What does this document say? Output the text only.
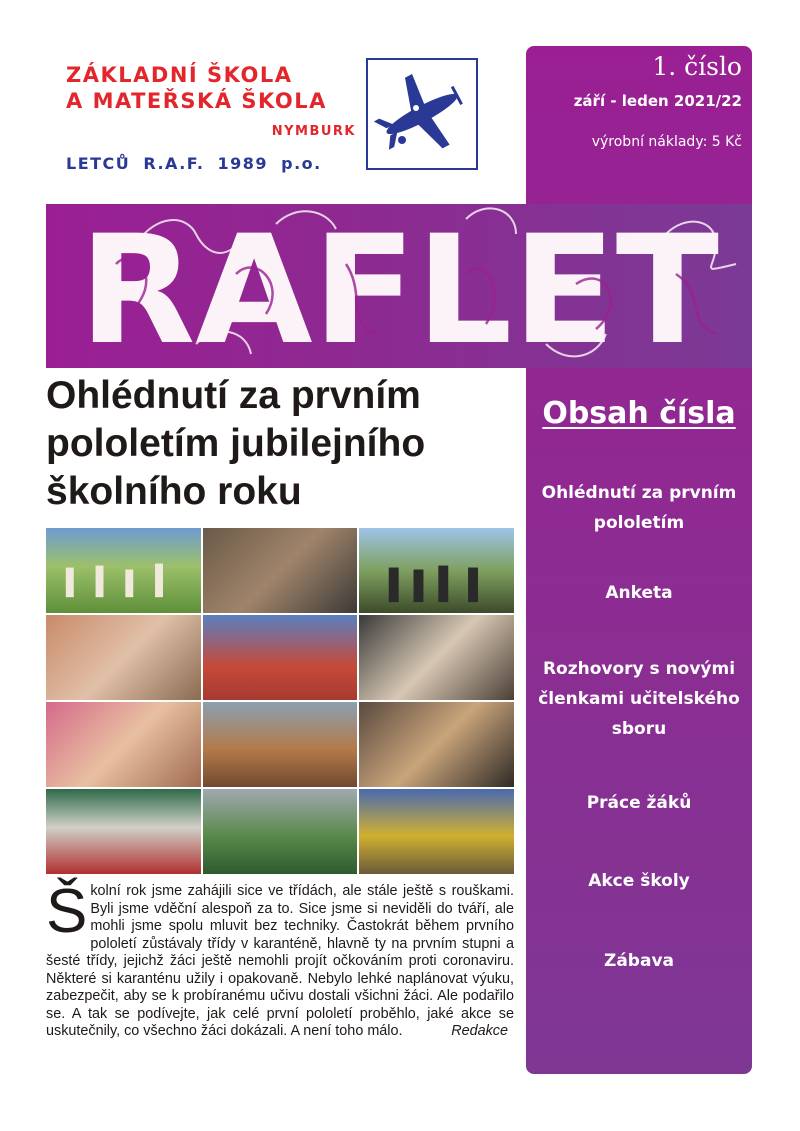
ZÁKLADNÍ ŠKOLA
A MATEŘSKÁ ŠKOLA
NYMBURK
LETCŮ R.A.F. 1989 p.o.
1. číslo
září - leden 2021/22
výrobní náklady: 5 Kč
RAFLET
Ohlédnutí za prvním pololetím jubilejního školního roku
Školní rok jsme zahájili sice ve třídách, ale stále ještě s rouškami. Byli jsme vděční alespoň za to. Sice jsme si neviděli do tváří, ale mohli jsme spolu mluvit bez techniky. Častokrát během prvního pololetí zůstávaly třídy v karanténě, hlavně ty na prvním stupni a šesté třídy, jejichž žáci ještě nemohli projít očkováním proti coronaviru. Některé si karanténu užily i opakovaně. Nebylo lehké naplánovat výuku, zabezpečit, aby se k probíranému učivu dostali všichni žáci. Ale podařilo se. A tak se podívejte, jak celé první pololetí proběhlo, jaké akce se uskutečnily, co všechno žáci dokázali. A není toho málo.	Redakce
Obsah čísla
Ohlédnutí za prvním pololetím
Anketa
Rozhovory s novými členkami učitelského sboru
Práce žáků
Akce školy
Zábava
